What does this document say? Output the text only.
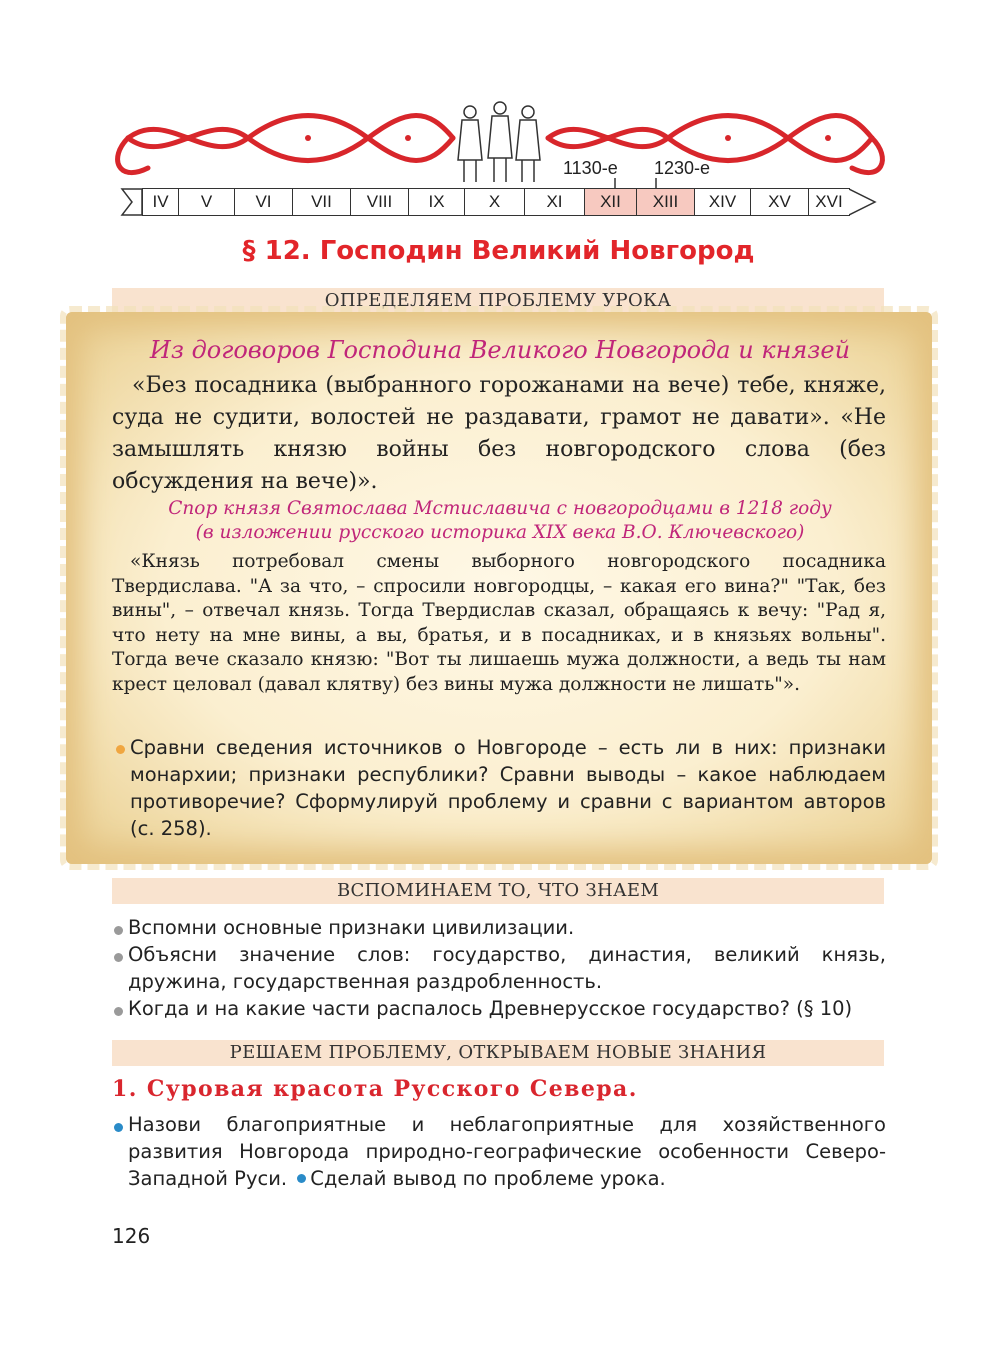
1130-е 1230-е
IV	V	VI	VII	VIII	IX	X	XI	XII	XIII	XIV	XV	XVI
§ 12. Господин Великий Новгород
ОПРЕДЕЛЯЕМ ПРОБЛЕМУ УРОКА
Из договоров Господина Великого Новгорода и князей

«Без посадника (выбранного горожанами на вече) тебе, княже, суда не судити, волостей не раздавати, грамот не давати». «Не замышлять князю войны без новгородского слова (без обсуждения на вече)».

Спор князя Святослава Мстиславича с новгородцами в 1218 году
(в изложении русского историка XIX века В.О. Ключевского)

«Князь потребовал смены выборного новгородского посадника Твердислава. "А за что, – спросили новгородцы, – какая его вина?" "Так, без вины", – отвечал князь. Тогда Твердислав сказал, обращаясь к вечу: "Рад я, что нету на мне вины, а вы, братья, и в посадниках, и в князьях вольны". Тогда вече сказало князю: "Вот ты лишаешь мужа должности, а ведь ты нам крест целовал (давал клятву) без вины мужа должности не лишать"».

Сравни сведения источников о Новгороде – есть ли в них: признаки монархии; признаки республики? Сравни выводы – какое наблюдаем противоречие? Сформулируй проблему и сравни с вариантом авторов (с. 258).

ВСПОМИНАЕМ ТО, ЧТО ЗНАЕМ

Вспомни основные признаки цивилизации.

Объясни значение слов: государство, династия, великий князь, дружина, государственная раздробленность.

Когда и на какие части распалось Древнерусское государство? (§ 10)

РЕШАЕМ ПРОБЛЕМУ, ОТКРЫВАЕМ НОВЫЕ ЗНАНИЯ
1. Суровая красота Русского Севера.

Назови благоприятные и неблагоприятные для хозяйственного развития Новгорода природно-географические особенности Северо-Западной Руси. Сделай вывод по проблеме урока.

126
